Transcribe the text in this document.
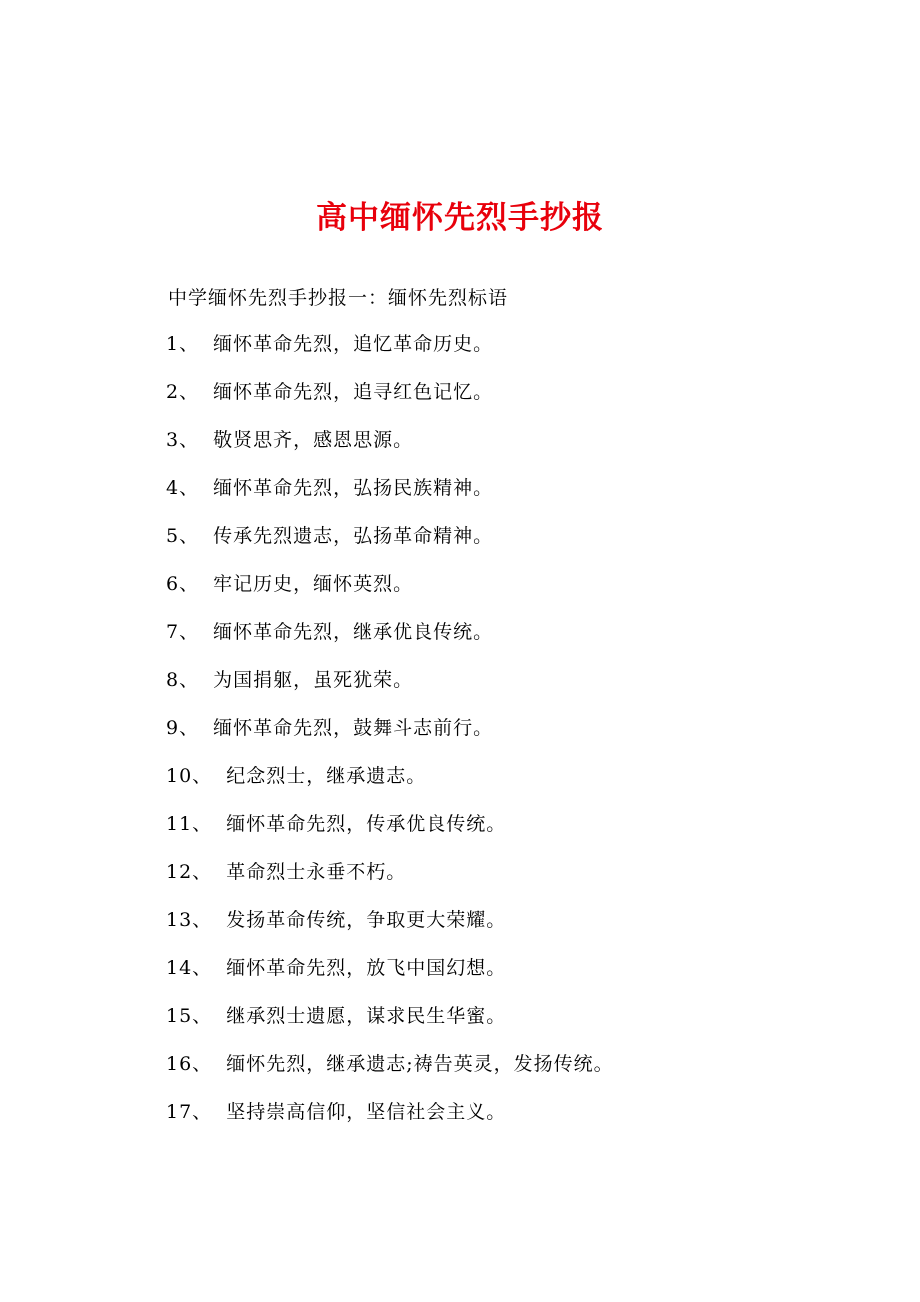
高中缅怀先烈手抄报
中学缅怀先烈手抄报一：缅怀先烈标语
1、 缅怀革命先烈，追忆革命历史。
2、 缅怀革命先烈，追寻红色记忆。
3、 敬贤思齐，感恩思源。
4、 缅怀革命先烈，弘扬民族精神。
5、 传承先烈遗志，弘扬革命精神。
6、 牢记历史，缅怀英烈。
7、 缅怀革命先烈，继承优良传统。
8、 为国捐躯，虽死犹荣。
9、 缅怀革命先烈，鼓舞斗志前行。
10、 纪念烈士，继承遗志。
11、 缅怀革命先烈，传承优良传统。
12、 革命烈士永垂不朽。
13、 发扬革命传统，争取更大荣耀。
14、 缅怀革命先烈，放飞中国幻想。
15、 继承烈士遗愿，谋求民生华蜜。
16、 缅怀先烈，继承遗志;祷告英灵，发扬传统。
17、 坚持崇高信仰，坚信社会主义。
